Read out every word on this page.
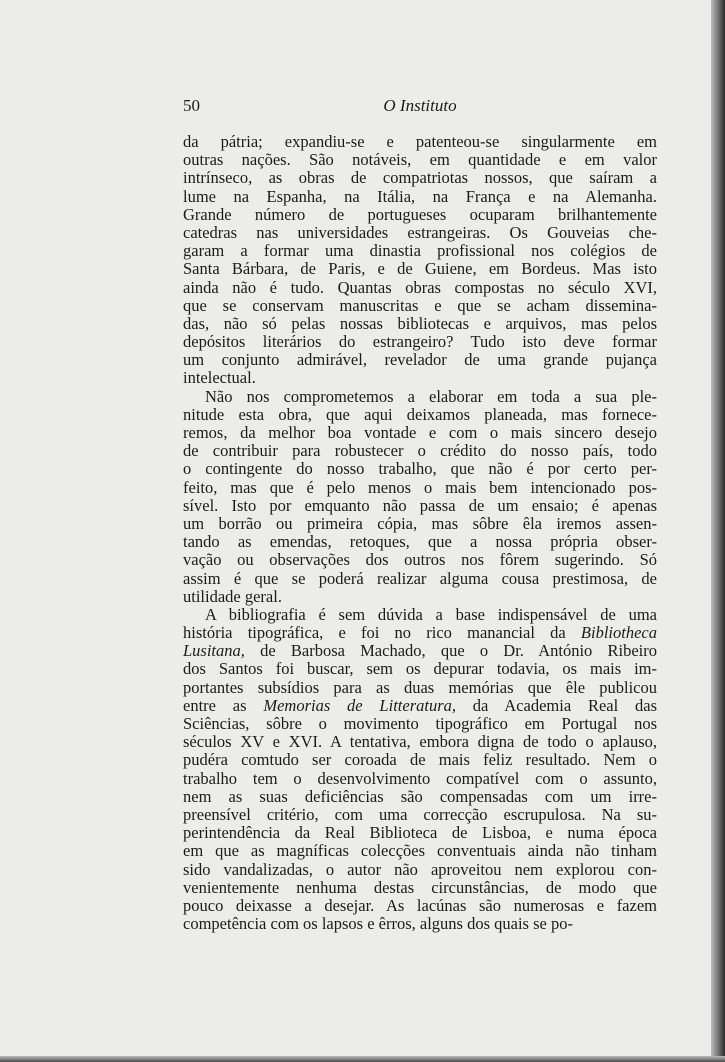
50	O Instituto
da pátria; expandiu-se e patenteou-se singularmente em
outras nações. São notáveis, em quantidade e em valor
intrínseco, as obras de compatriotas nossos, que saíram a
lume na Espanha, na Itália, na França e na Alemanha.
Grande número de portugueses ocuparam brilhantemente
catedras nas universidades estrangeiras. Os Gouveias che-
garam a formar uma dinastia profissional nos colégios de
Santa Bárbara, de Paris, e de Guiene, em Bordeus. Mas isto
ainda não é tudo. Quantas obras compostas no século XVI,
que se conservam manuscritas e que se acham dissemina-
das, não só pelas nossas bibliotecas e arquivos, mas pelos
depósitos literários do estrangeiro? Tudo isto deve formar
um conjunto admirável, revelador de uma grande pujança
intelectual.
Não nos comprometemos a elaborar em toda a sua ple-
nitude esta obra, que aqui deixamos planeada, mas fornece-
remos, da melhor boa vontade e com o mais sincero desejo
de contribuir para robustecer o crédito do nosso país, todo
o contingente do nosso trabalho, que não é por certo per-
feito, mas que é pelo menos o mais bem intencionado pos-
sível. Isto por emquanto não passa de um ensaio; é apenas
um borrão ou primeira cópia, mas sôbre êla iremos assen-
tando as emendas, retoques, que a nossa própria obser-
vação ou observações dos outros nos fôrem sugerindo. Só
assim é que se poderá realizar alguma cousa prestimosa, de
utilidade geral.
A bibliografia é sem dúvida a base indispensável de uma
história tipográfica, e foi no rico manancial da Bibliotheca
Lusitana, de Barbosa Machado, que o Dr. António Ribeiro
dos Santos foi buscar, sem os depurar todavia, os mais im-
portantes subsídios para as duas memórias que êle publicou
entre as Memorias de Litteratura, da Academia Real das
Sciências, sôbre o movimento tipográfico em Portugal nos
séculos XV e XVI. A tentativa, embora digna de todo o aplauso,
pudéra comtudo ser coroada de mais feliz resultado. Nem o
trabalho tem o desenvolvimento compatível com o assunto,
nem as suas deficiências são compensadas com um irre-
preensível critério, com uma correcção escrupulosa. Na su-
perintendência da Real Biblioteca de Lisboa, e numa época
em que as magníficas colecções conventuais ainda não tinham
sido vandalizadas, o autor não aproveitou nem explorou con-
venientemente nenhuma destas circunstâncias, de modo que
pouco deixasse a desejar. As lacúnas são numerosas e fazem
competência com os lapsos e êrros, alguns dos quais se po-
